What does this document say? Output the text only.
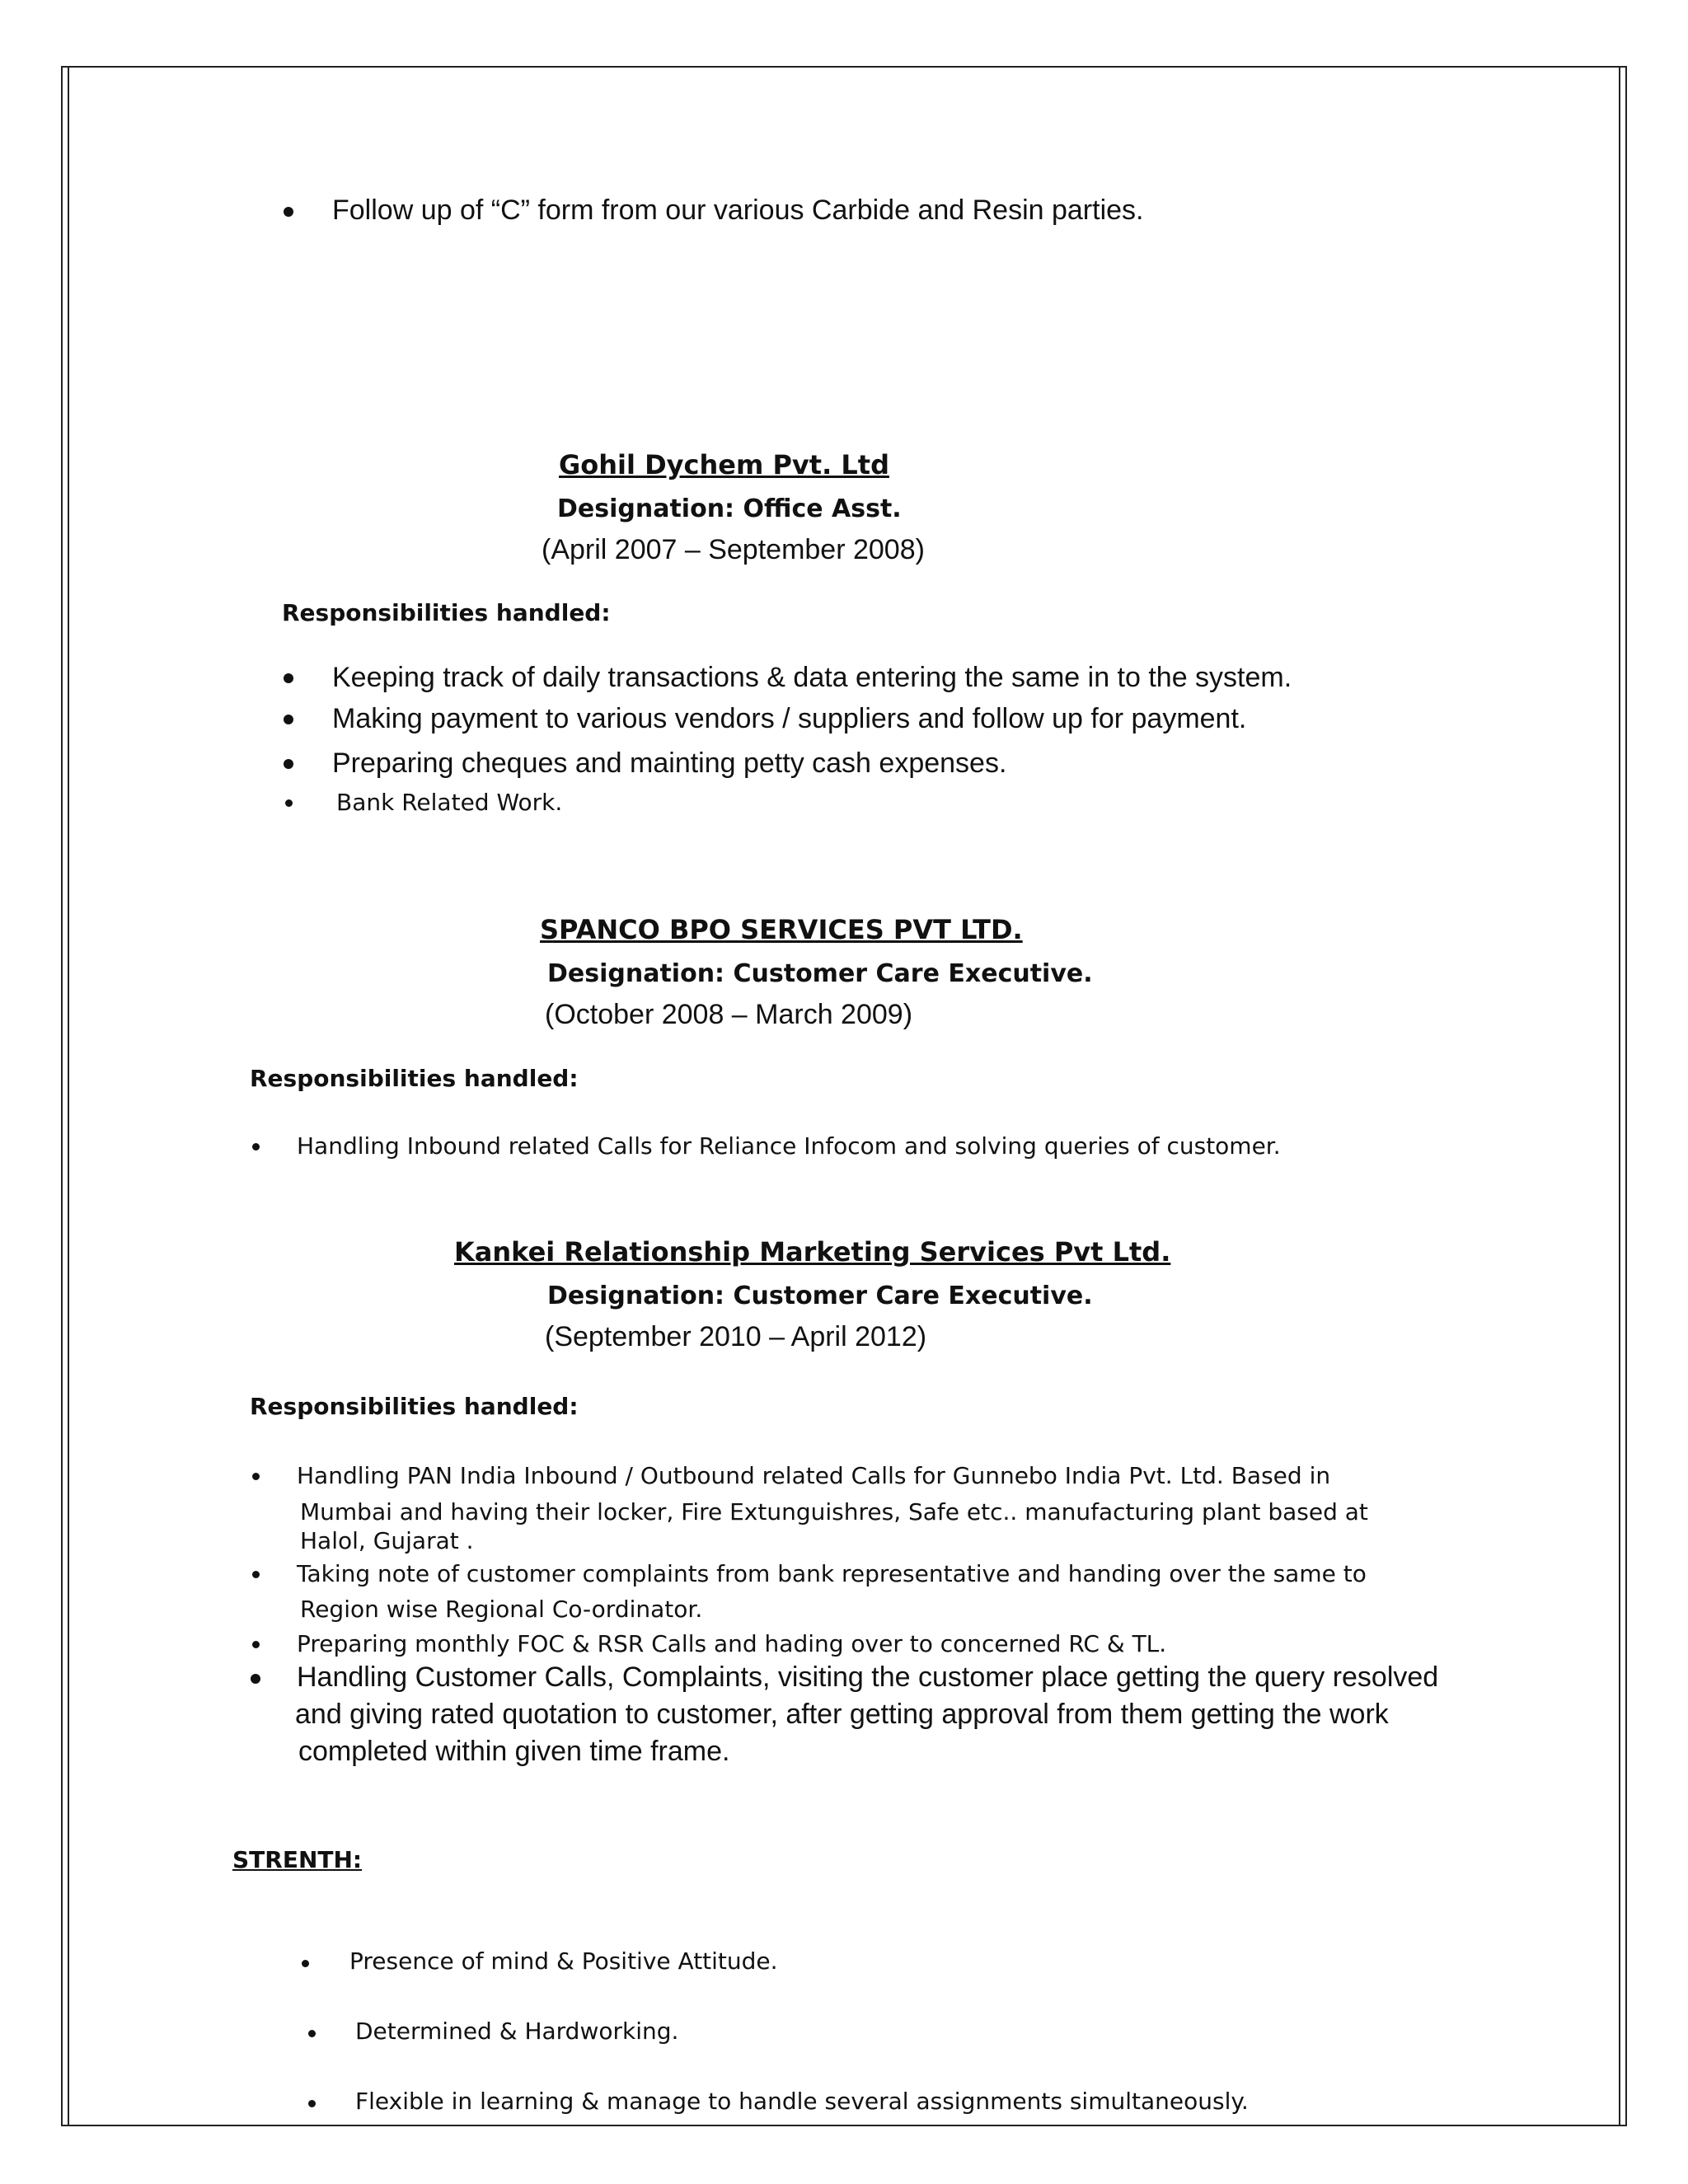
Follow up of “C” form from our various Carbide and Resin parties.
Gohil Dychem Pvt. Ltd
Designation: Office Asst.
(April 2007 – September 2008)
Responsibilities handled:
Keeping track of daily transactions & data entering the same in to the system.
Making payment to various vendors / suppliers and follow up for payment.
Preparing cheques and mainting petty cash expenses.
Bank Related Work.
SPANCO BPO SERVICES PVT LTD.
Designation: Customer Care Executive.
(October 2008 – March 2009)
Responsibilities handled:
Handling Inbound related Calls for Reliance Infocom and solving queries of customer.
Kankei Relationship Marketing Services Pvt Ltd.
Designation: Customer Care Executive.
(September 2010 – April 2012)
Responsibilities handled:
Handling PAN India Inbound / Outbound related Calls for Gunnebo India Pvt. Ltd. Based in
Mumbai and having their locker, Fire Extunguishres, Safe etc.. manufacturing plant based at
Halol, Gujarat .
Taking note of customer complaints from bank representative and handing over the same to
Region wise Regional Co-ordinator.
Preparing monthly FOC & RSR Calls and hading over to concerned RC & TL.
Handling Customer Calls, Complaints, visiting the customer place getting the query resolved
and giving rated quotation to customer, after getting approval from them getting the work
completed within given time frame.
STRENTH:
Presence of mind & Positive Attitude.
Determined & Hardworking.
Flexible in learning & manage to handle several assignments simultaneously.
